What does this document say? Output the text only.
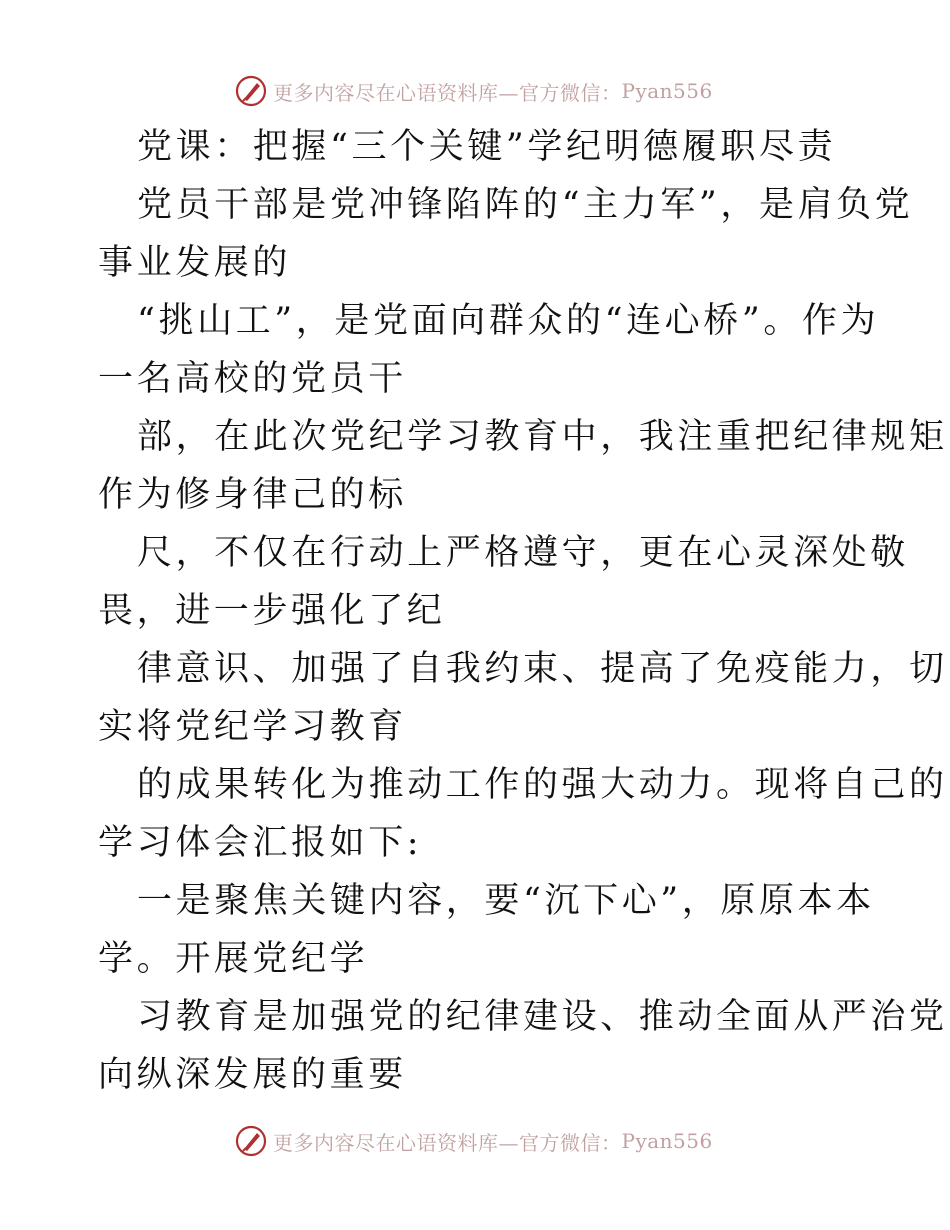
更多内容尽在心语资料库—官方微信： Pyan556
党课：把握“三个关键”学纪明德履职尽责
党员干部是党冲锋陷阵的“主力军”，是肩负党
事业发展的
“挑山工”，是党面向群众的“连心桥”。作为
一名高校的党员干
部，在此次党纪学习教育中，我注重把纪律规矩
作为修身律己的标
尺，不仅在行动上严格遵守，更在心灵深处敬
畏，进一步强化了纪
律意识、加强了自我约束、提高了免疫能力，切
实将党纪学习教育
的成果转化为推动工作的强大动力。现将自己的
学习体会汇报如下:
一是聚焦关键内容，要“沉下心”，原原本本
学。开展党纪学
习教育是加强党的纪律建设、推动全面从严治党
向纵深发展的重要
更多内容尽在心语资料库—官方微信： Pyan556
